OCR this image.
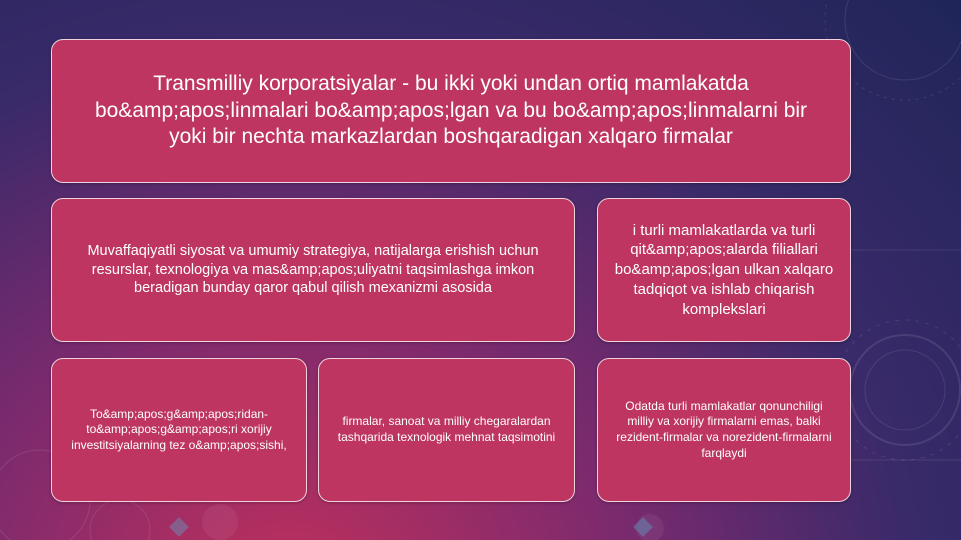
Transmilliy korporatsiyalar - bu ikki yoki undan ortiq mamlakatda bo&amp;apos;linmalari bo&amp;apos;lgan va bu bo&amp;apos;linmalarni bir yoki bir nechta markazlardan boshqaradigan xalqaro firmalar
Muvaffaqiyatli siyosat va umumiy strategiya, natijalarga erishish uchun resurslar, texnologiya va mas&amp;apos;uliyatni taqsimlashga imkon beradigan bunday qaror qabul qilish mexanizmi asosida
i turli mamlakatlarda va turli qit&amp;apos;alarda filiallari bo&amp;apos;lgan ulkan xalqaro tadqiqot va ishlab chiqarish komplekslari
To&amp;apos;g&amp;apos;ridan-to&amp;apos;g&amp;apos;ri xorijiy investitsiyalarning tez o&amp;apos;sishi,
firmalar, sanoat va milliy chegaralardan tashqarida texnologik mehnat taqsimotini
Odatda turli mamlakatlar qonunchiligi milliy va xorijiy firmalarni emas, balki rezident-firmalar va norezident-firmalarni farqlaydi
